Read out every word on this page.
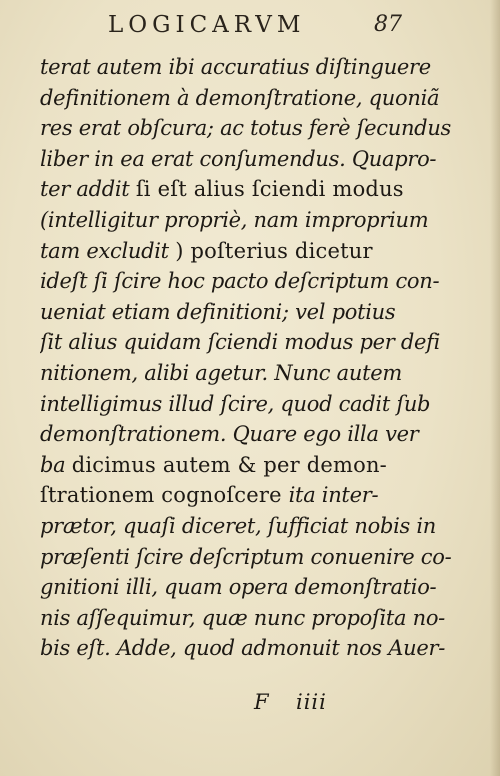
LOGICARVM	87
terat autem ibi accuratius diſtinguere
definitionem à demonſtratione, quoniã
res erat obſcura; ac totus ferè ſecundus
liber in ea erat conſumendus. Quapro-
ter addit ſi eſt alius ſciendi modus
(intelligitur propriè, nam improprium
tam excludit ) poſterius dicetur
ideſt ſi ſcire hoc pacto deſcriptum con-
ueniat etiam definitioni; vel potius
ſit alius quidam ſciendi modus per defi
nitionem, alibi agetur. Nunc autem
intelligimus illud ſcire, quod cadit ſub
demonſtrationem. Quare ego illa ver
ba dicimus autem & per demon-
ſtrationem cognoſcere ita inter-
prætor, quaſi diceret, ſufficiat nobis in
præſenti ſcire deſcriptum conuenire co-
gnitioni illi, quam opera demonſtratio-
nis aſſequimur, quæ nunc propoſita no-
bis eſt. Adde, quod admonuit nos Auer-
F iiii
